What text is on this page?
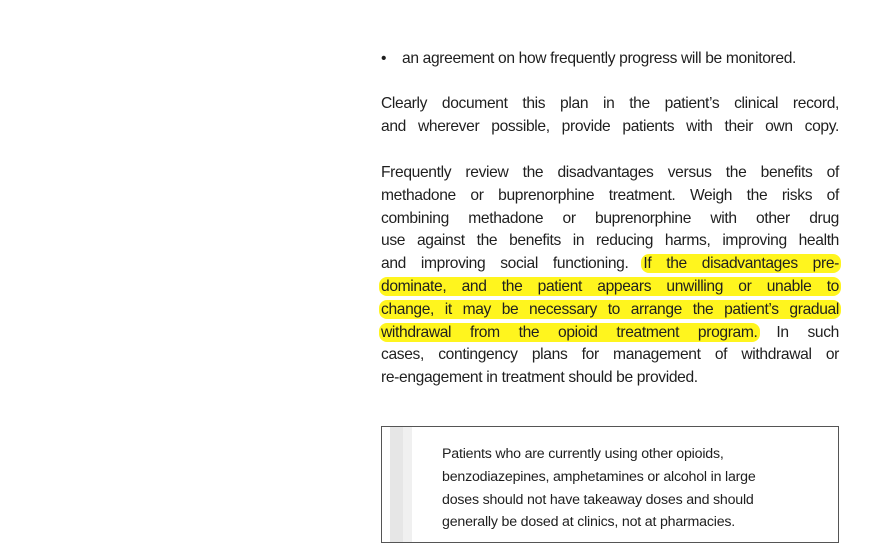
•	an agreement on how frequently progress will be monitored.
Clearly document this plan in the patient’s clinical record,
and wherever possible, provide patients with their own copy.
Frequently review the disadvantages versus the benefits of
methadone or buprenorphine treatment. Weigh the risks of
combining methadone or buprenorphine with other drug
use against the benefits in reducing harms, improving health
and improving social functioning. If the disadvantages pre-
dominate, and the patient appears unwilling or unable to
change, it may be necessary to arrange the patient’s gradual
withdrawal from the opioid treatment program. In such
cases, contingency plans for management of withdrawal or
re-engagement in treatment should be provided.
Patients who are currently using other opioids,
benzodiazepines, amphetamines or alcohol in large
doses should not have takeaway doses and should
generally be dosed at clinics, not at pharmacies.
